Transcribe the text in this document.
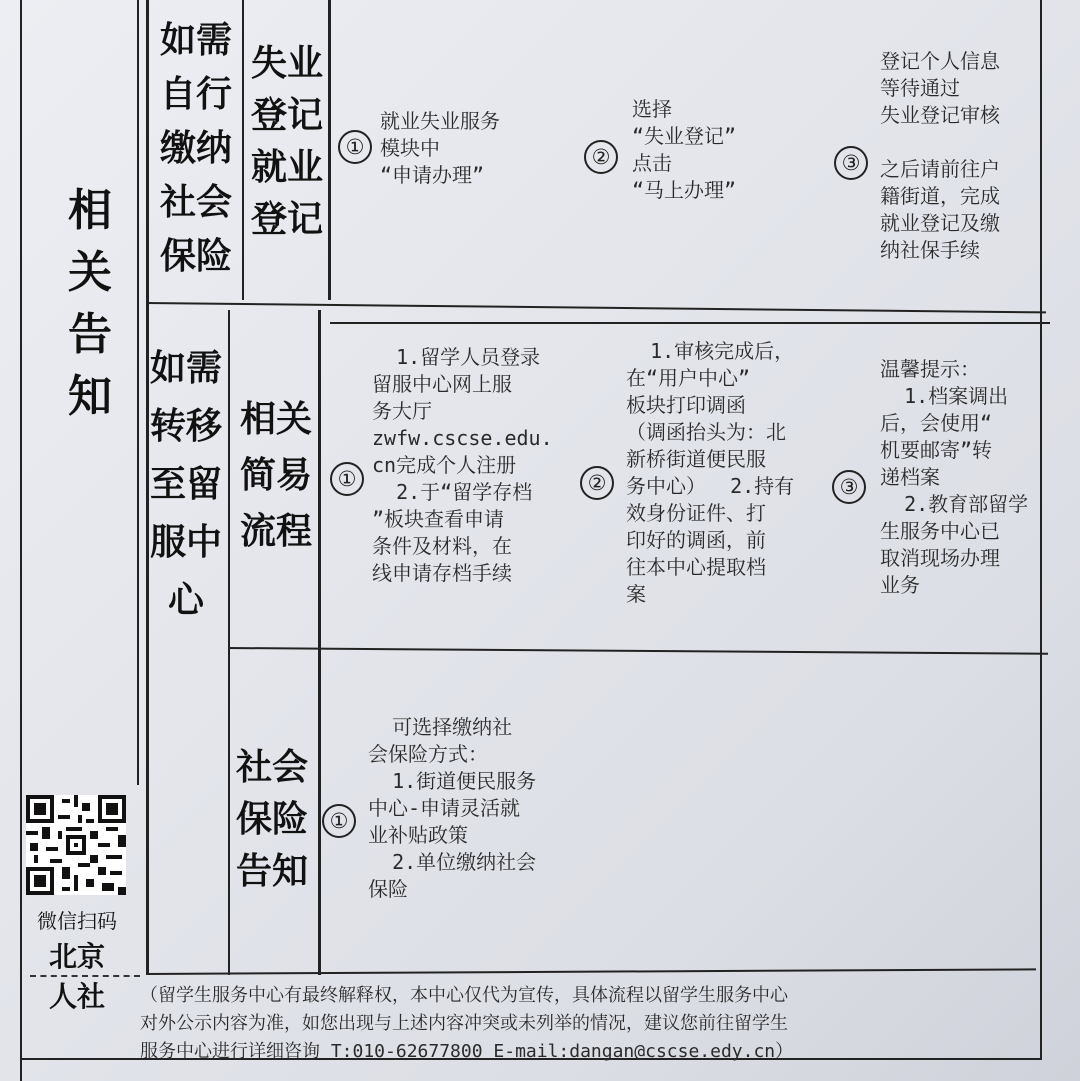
相关告知
微信扫码
北京
人社
如需自行缴纳社会保险
失业登记就业登记
①
就业失业服务
模块中
“申请办理”
②
选择
“失业登记”
点击
“马上办理”
③
登记个人信息
等待通过
失业登记审核

之后请前往户
籍街道，完成
就业登记及缴
纳社保手续
如需转移至留服中心
相关简易流程
①
1.留学人员登录
留服中心网上服
务大厅
zwfw.cscse.edu.
cn完成个人注册
2.于“留学存档
”板块查看申请
条件及材料，在
线申请存档手续
②
1.审核完成后，
在“用户中心”
板块打印调函
（调函抬头为：北
新桥街道便民服
务中心）  2.持有
效身份证件、打
印好的调函，前
往本中心提取档
案
③
温馨提示：
1.档案调出
后，会使用“
机要邮寄”转
递档案
2.教育部留学
生服务中心已
取消现场办理
业务
社会保险告知
①
可选择缴纳社
会保险方式：
1.街道便民服务
中心-申请灵活就
业补贴政策
2.单位缴纳社会
保险
（留学生服务中心有最终解释权，本中心仅代为宣传，具体流程以留学生服务中心
对外公示内容为准，如您出现与上述内容冲突或未列举的情况，建议您前往留学生
服务中心进行详细咨询 T:010-62677800 E-mail:dangan@cscse.edy.cn）
